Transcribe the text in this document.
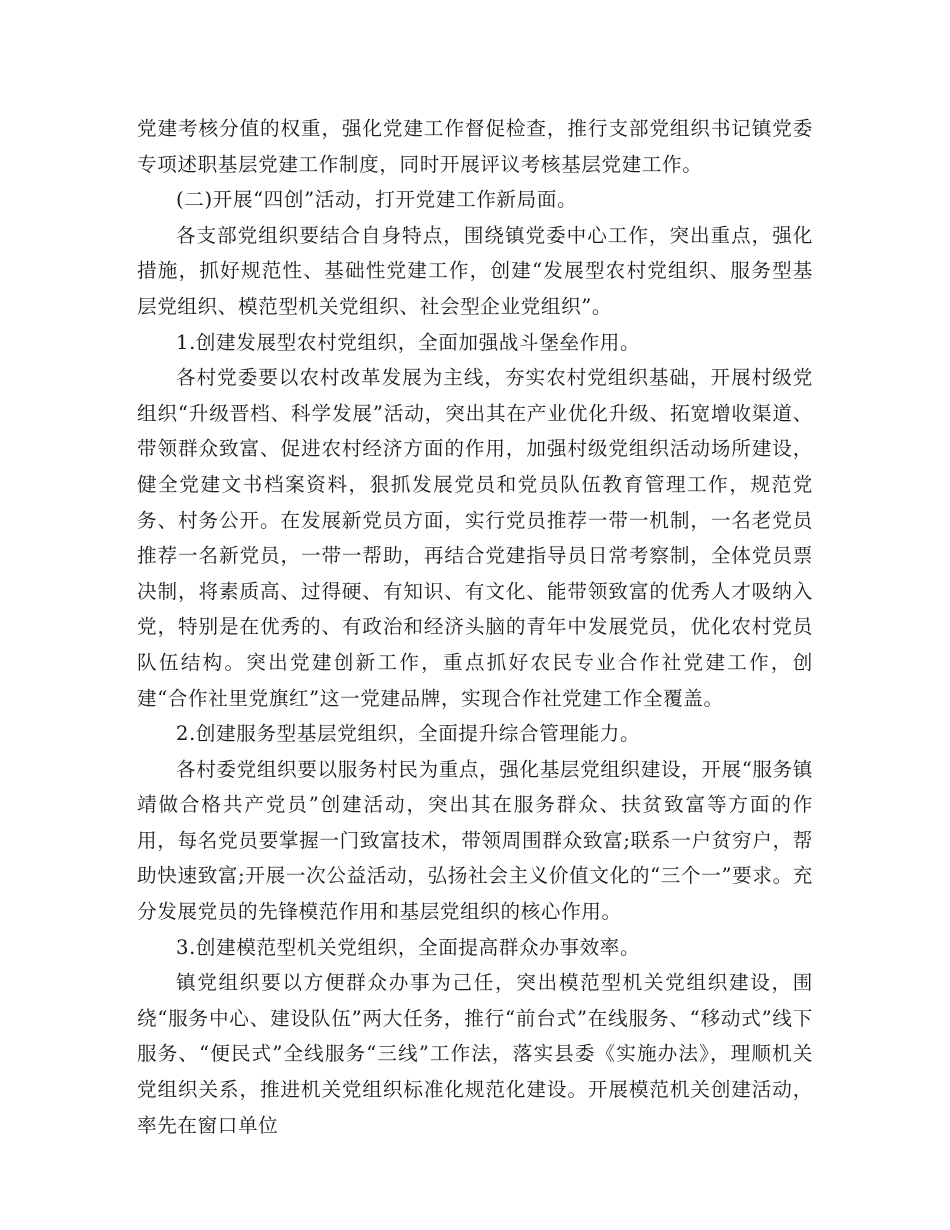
党建考核分值的权重，强化党建工作督促检查，推行支部党组织书记镇党委专项述职基层党建工作制度，同时开展评议考核基层党建工作。

(二)开展“四创”活动，打开党建工作新局面。

各支部党组织要结合自身特点，围绕镇党委中心工作，突出重点，强化措施，抓好规范性、基础性党建工作，创建“发展型农村党组织、服务型基层党组织、模范型机关党组织、社会型企业党组织”。

1.创建发展型农村党组织，全面加强战斗堡垒作用。

各村党委要以农村改革发展为主线，夯实农村党组织基础，开展村级党组织“升级晋档、科学发展”活动，突出其在产业优化升级、拓宽增收渠道、带领群众致富、促进农村经济方面的作用，加强村级党组织活动场所建设，健全党建文书档案资料，狠抓发展党员和党员队伍教育管理工作，规范党务、村务公开。在发展新党员方面，实行党员推荐一带一机制，一名老党员推荐一名新党员，一带一帮助，再结合党建指导员日常考察制，全体党员票决制，将素质高、过得硬、有知识、有文化、能带领致富的优秀人才吸纳入党，特别是在优秀的、有政治和经济头脑的青年中发展党员，优化农村党员队伍结构。突出党建创新工作，重点抓好农民专业合作社党建工作，创建“合作社里党旗红”这一党建品牌，实现合作社党建工作全覆盖。

2.创建服务型基层党组织，全面提升综合管理能力。

各村委党组织要以服务村民为重点，强化基层党组织建设，开展“服务镇靖做合格共产党员”创建活动，突出其在服务群众、扶贫致富等方面的作用，每名党员要掌握一门致富技术，带领周围群众致富;联系一户贫穷户，帮助快速致富;开展一次公益活动，弘扬社会主义价值文化的“三个一”要求。充分发展党员的先锋模范作用和基层党组织的核心作用。

3.创建模范型机关党组织，全面提高群众办事效率。

镇党组织要以方便群众办事为己任，突出模范型机关党组织建设，围绕“服务中心、建设队伍”两大任务，推行“前台式”在线服务、“移动式”线下服务、“便民式”全线服务“三线”工作法，落实县委《实施办法》，理顺机关党组织关系，推进机关党组织标准化规范化建设。开展模范机关创建活动，率先在窗口单位
